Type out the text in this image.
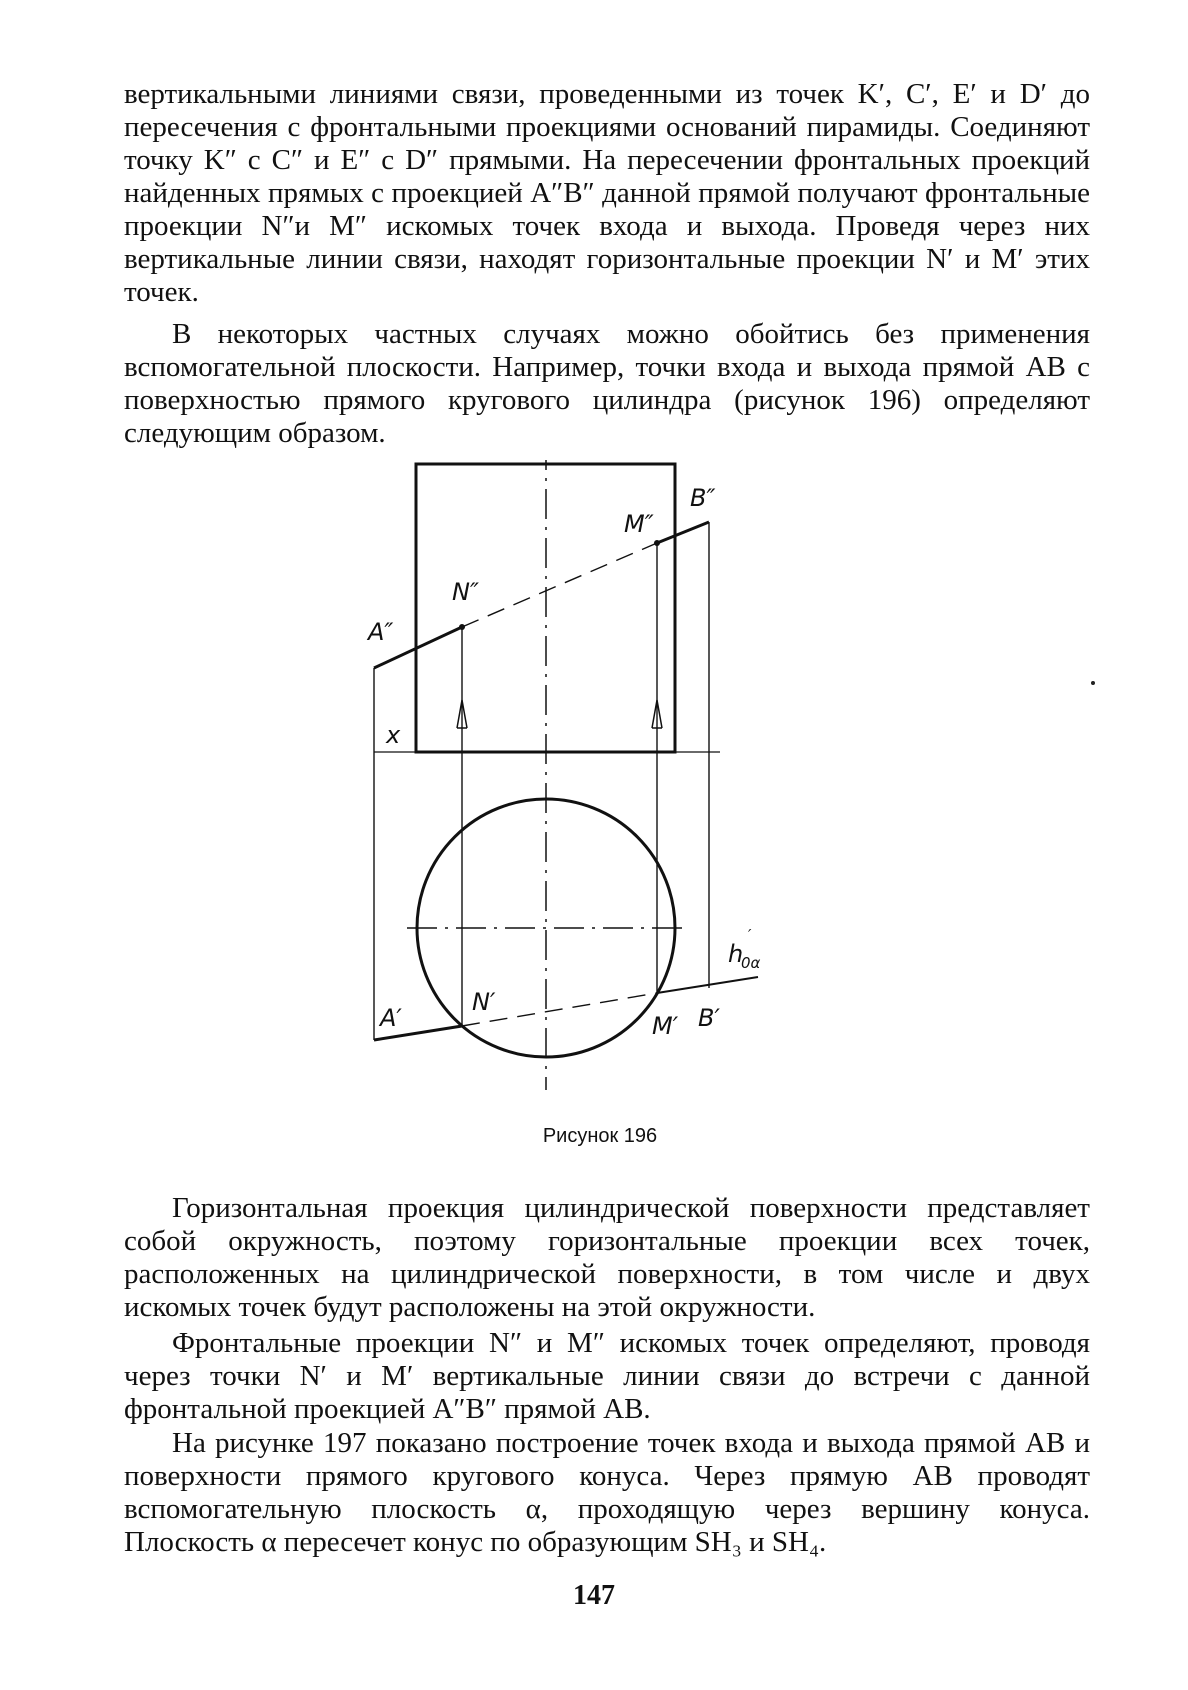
вертикальными линиями связи, проведенными из точек K′, C′, E′ и D′ до пересечения с фронтальными проекциями оснований пирамиды. Соединяют точку K″ с C″ и E″ с D″ прямыми. На пересечении фронтальных проекций найденных прямых с проекцией A″B″ данной прямой получают фронтальные проекции N″и M″ искомых точек входа и выхода. Проведя через них вертикальные линии связи, находят горизонтальные проекции N′ и M′ этих точек.

В некоторых частных случаях можно обойтись без применения вспомогательной плоскости. Например, точки входа и выхода прямой AB с поверхностью прямого кругового цилиндра (рисунок 196) определяют следующим образом.

A″
B″
N″
M″
x
A′
N′
M′ B′
h
0α
′
Рисунок 196

Горизонтальная проекция цилиндрической поверхности представляет собой окружность, поэтому горизонтальные проекции всех точек, расположенных на цилиндрической поверхности, в том числе и двух искомых точек будут расположены на этой окружности.

Фронтальные проекции N″ и M″ искомых точек определяют, проводя через точки N′ и M′ вертикальные линии связи до встречи с данной фронтальной проекцией A″B″ прямой AB.

На рисунке 197 показано построение точек входа и выхода прямой AB и поверхности прямого кругового конуса. Через прямую AB проводят вспомогательную плоскость α, проходящую через вершину конуса. Плоскость α пересечет конус по образующим SH₃ и SH₄.

147
